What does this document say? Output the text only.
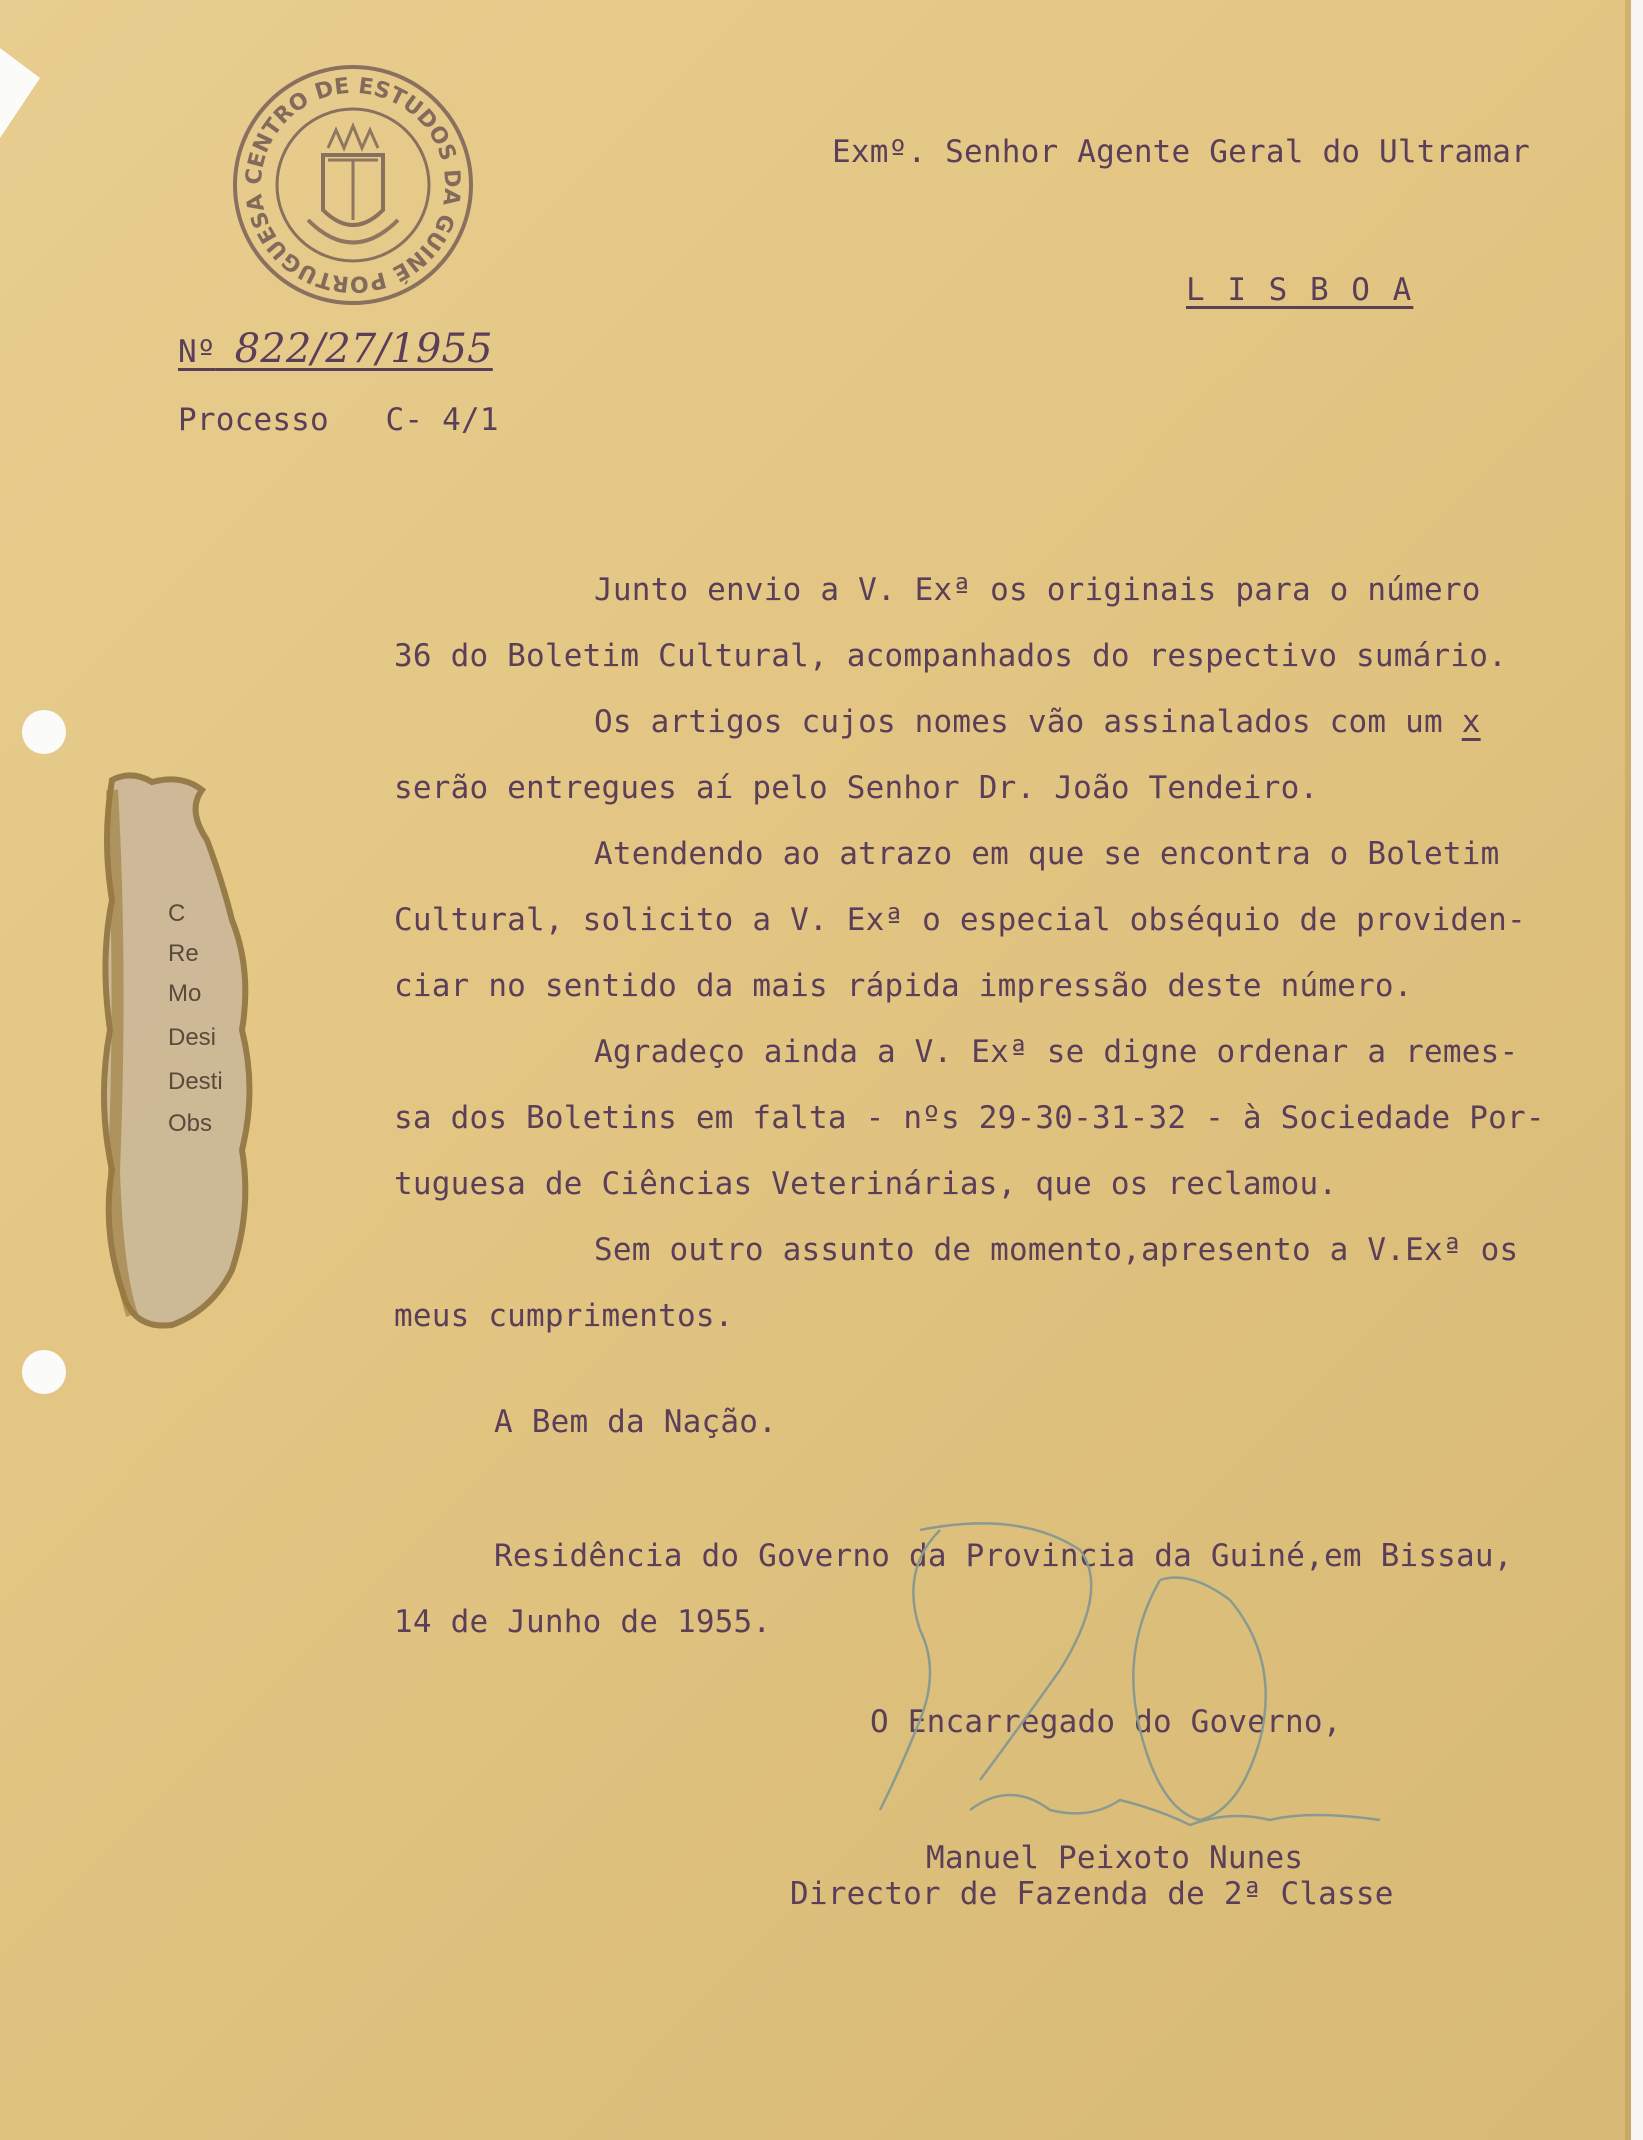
CENTRO DE ESTUDOS DA GUINÉ PORTUGUESA
Nº 822/27/1955
Processo C- 4/1
Exmº. Senhor Agente Geral do Ultramar
L I S B O A
Junto envio a V. Exª os originais para o número
36 do Boletim Cultural, acompanhados do respectivo sumário.
Os artigos cujos nomes vão assinalados com um x
serão entregues aí pelo Senhor Dr. João Tendeiro.
Atendendo ao atrazo em que se encontra o Boletim
Cultural, solicito a V. Exª o especial obséquio de providen-
ciar no sentido da mais rápida impressão deste número.
Agradeço ainda a V. Exª se digne ordenar a remes-
sa dos Boletins em falta - nºs 29-30-31-32 - à Sociedade Por-
tuguesa de Ciências Veterinárias, que os reclamou.
Sem outro assunto de momento,apresento a V.Exª os
meus cumprimentos.
A Bem da Nação.
Residência do Governo da Provincia da Guiné,em Bissau,
14 de Junho de 1955.
O Encarregado do Governo,
Manuel Peixoto Nunes
Director de Fazenda de 2ª Classe
C
Re
Mo
Desi
Desti
Obs
